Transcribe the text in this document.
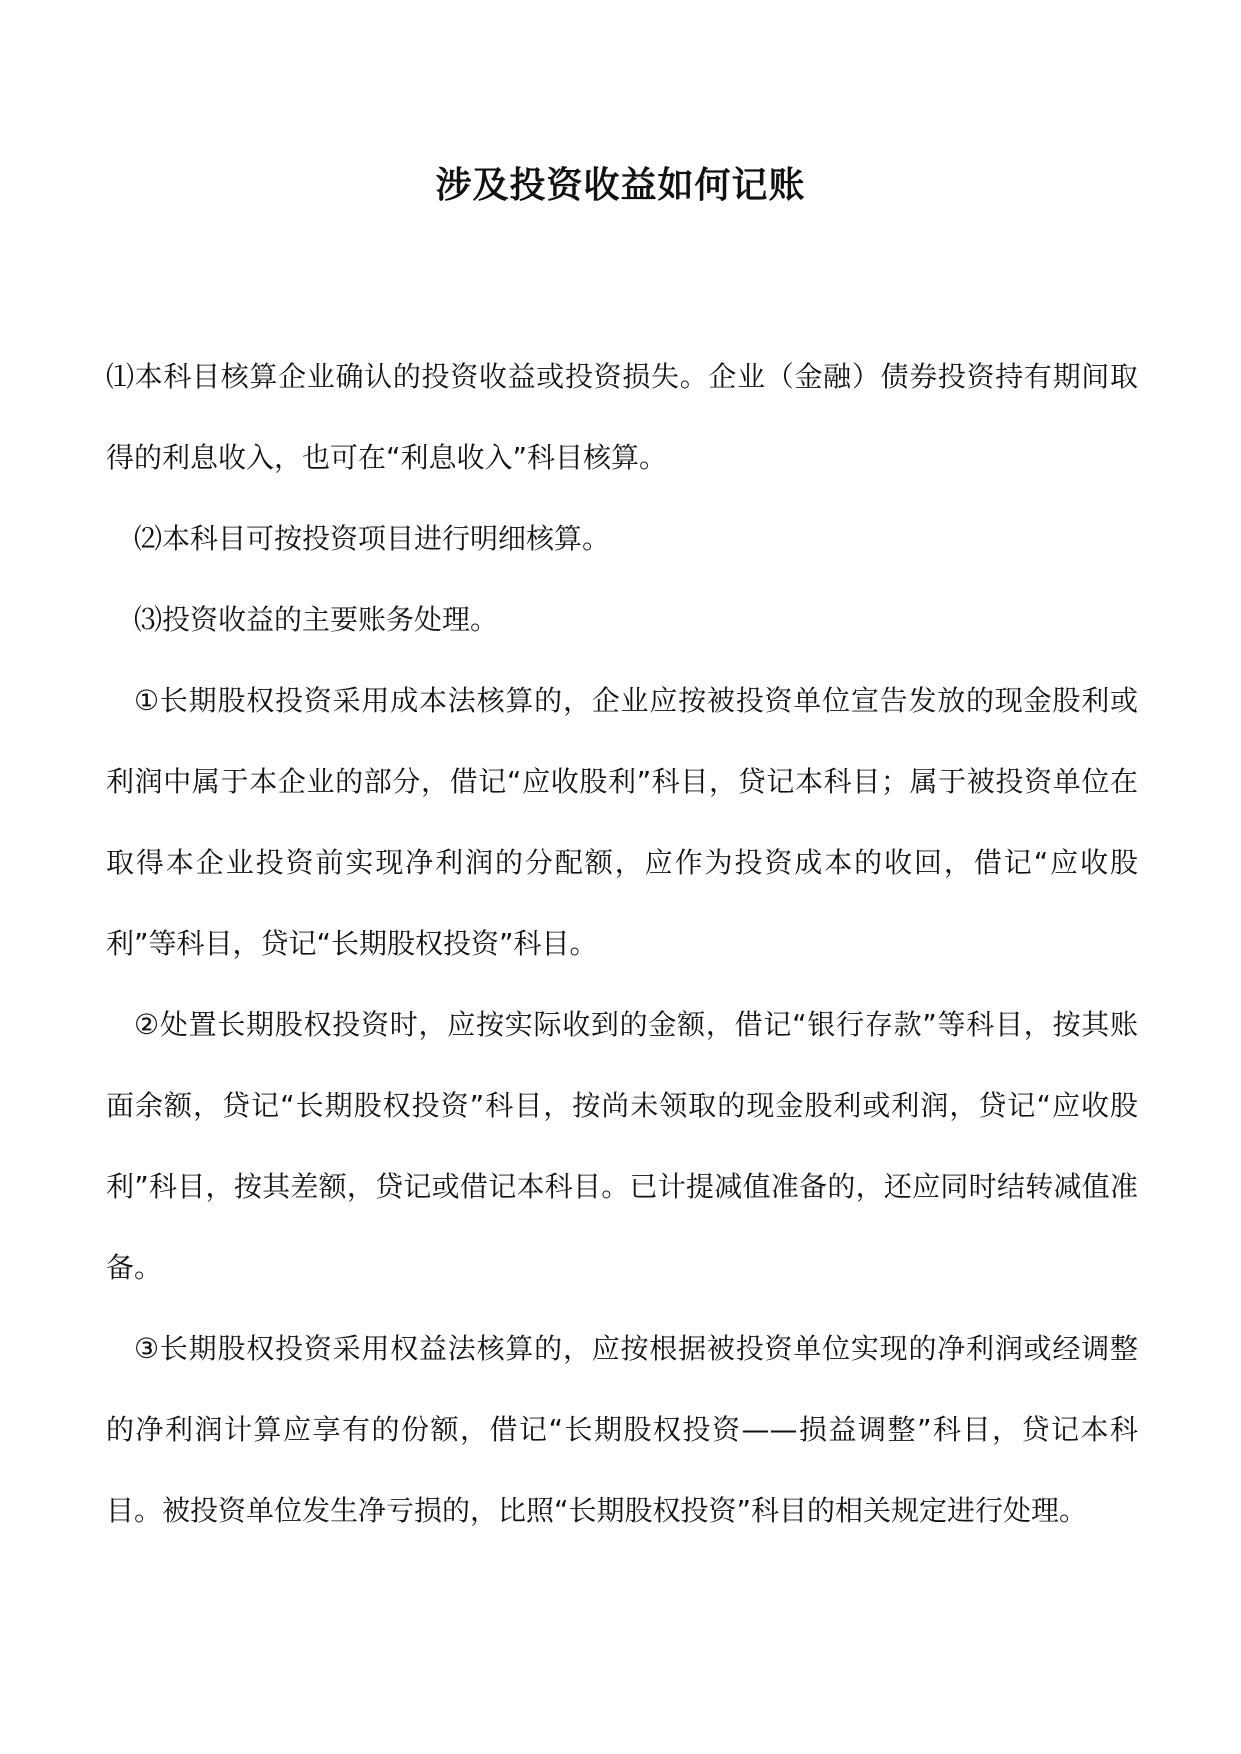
涉及投资收益如何记账

⑴本科目核算企业确认的投资收益或投资损失。企业（金融）债券投资持有期间取得的利息收入，也可在“利息收入”科目核算。

⑵本科目可按投资项目进行明细核算。

⑶投资收益的主要账务处理。

①长期股权投资采用成本法核算的，企业应按被投资单位宣告发放的现金股利或利润中属于本企业的部分，借记“应收股利”科目，贷记本科目；属于被投资单位在取得本企业投资前实现净利润的分配额，应作为投资成本的收回，借记“应收股利”等科目，贷记“长期股权投资”科目。

②处置长期股权投资时，应按实际收到的金额，借记“银行存款”等科目，按其账面余额，贷记“长期股权投资”科目，按尚未领取的现金股利或利润，贷记“应收股利”科目，按其差额，贷记或借记本科目。已计提减值准备的，还应同时结转减值准备。

③长期股权投资采用权益法核算的，应按根据被投资单位实现的净利润或经调整的净利润计算应享有的份额，借记“长期股权投资——损益调整”科目，贷记本科目。被投资单位发生净亏损的，比照“长期股权投资”科目的相关规定进行处理。
